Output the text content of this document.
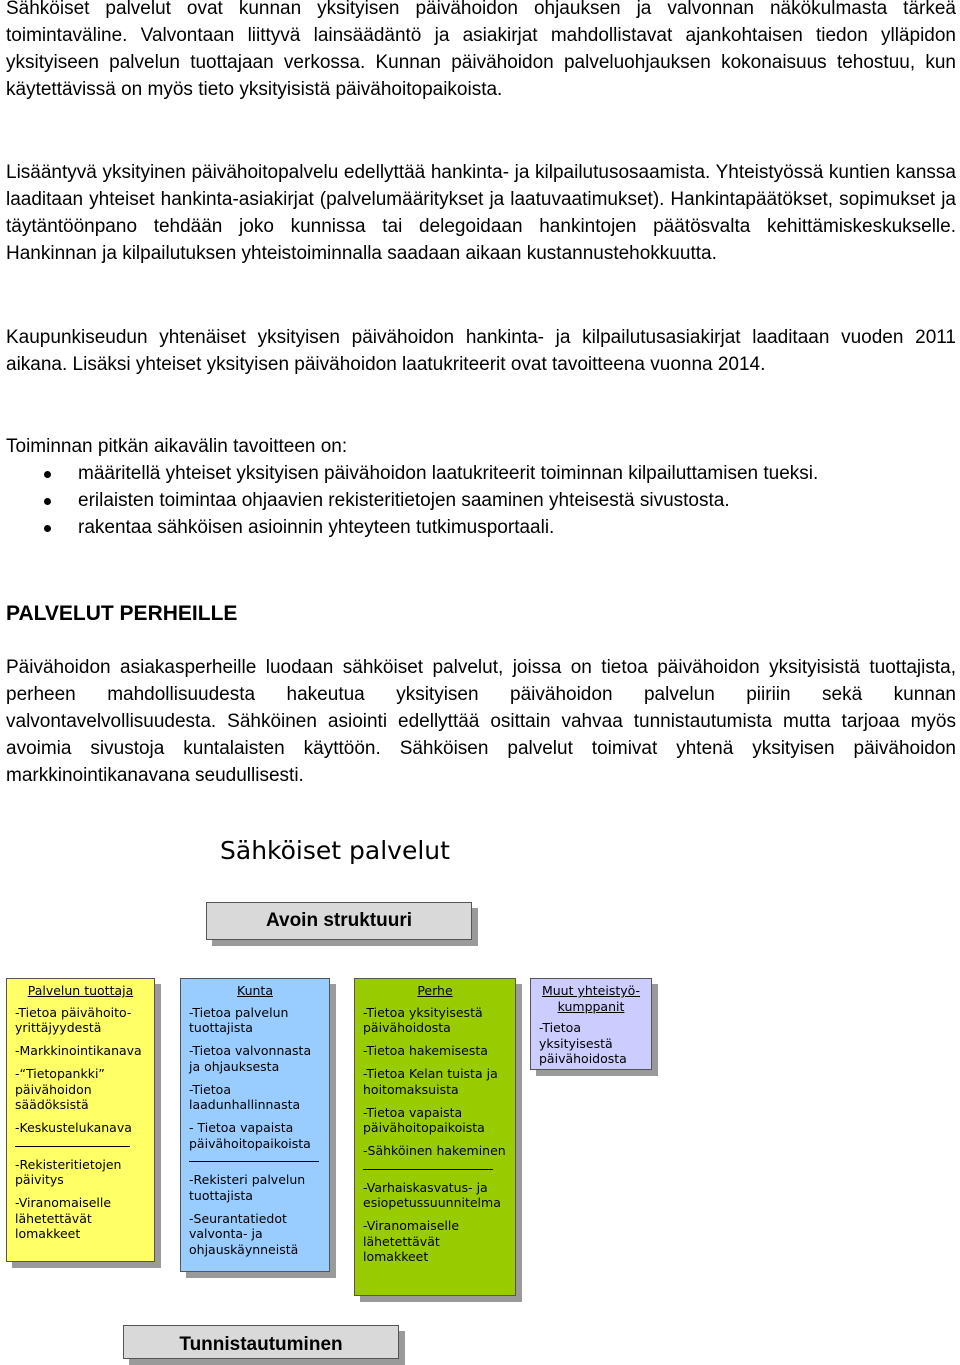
Sähköiset palvelut ovat kunnan yksityisen päivähoidon ohjauksen ja valvonnan näkökulmasta tärkeä toimintaväline. Valvontaan liittyvä lainsäädäntö ja asiakirjat mahdollistavat ajankohtaisen tiedon ylläpidon yksityiseen palvelun tuottajaan verkossa. Kunnan päivähoidon palveluohjauksen kokonaisuus tehostuu, kun käytettävissä on myös tieto yksityisistä päivähoitopaikoista.

Lisääntyvä yksityinen päivähoitopalvelu edellyttää hankinta- ja kilpailutusosaamista. Yhteistyössä kuntien kanssa laaditaan yhteiset hankinta-asiakirjat (palvelumääritykset ja laatuvaatimukset). Hankintapäätökset, sopimukset ja täytäntöönpano tehdään joko kunnissa tai delegoidaan hankintojen päätösvalta kehittämiskeskukselle. Hankinnan ja kilpailutuksen yhteistoiminnalla saadaan aikaan kustannustehokkuutta.

Kaupunkiseudun yhtenäiset yksityisen päivähoidon hankinta- ja kilpailutusasiakirjat laaditaan vuoden 2011 aikana. Lisäksi yhteiset yksityisen päivähoidon laatukriteerit ovat tavoitteena vuonna 2014.

Toiminnan pitkän aikavälin tavoitteen on:

määritellä yhteiset yksityisen päivähoidon laatukriteerit toiminnan kilpailuttamisen tueksi.
erilaisten toimintaa ohjaavien rekisteritietojen saaminen yhteisestä sivustosta.
rakentaa sähköisen asioinnin yhteyteen tutkimusportaali.
PALVELUT PERHEILLE

Päivähoidon asiakasperheille luodaan sähköiset palvelut, joissa on tietoa päivähoidon yksityisistä tuottajista, perheen mahdollisuudesta hakeutua yksityisen päivähoidon palvelun piiriin sekä kunnan valvontavelvollisuudesta. Sähköinen asiointi edellyttää osittain vahvaa tunnistautumista mutta tarjoaa myös avoimia sivustoja kuntalaisten käyttöön. Sähköisen palvelut toimivat yhtenä yksityisen päivähoidon markkinointikanavana seudullisesti.

Sähköiset palvelut
Avoin struktuuri
Palvelun tuottaja
-Tietoa päivähoito-yrittäjyydestä
-Markkinointikanava
-“Tietopankki” päivähoidon säädöksistä
-Keskustelukanava
-Rekisteritietojen päivitys
-Viranomaiselle lähetettävät lomakkeet
Kunta
-Tietoa palvelun tuottajista
-Tietoa valvonnasta ja ohjauksesta
-Tietoa laadunhallinnasta
- Tietoa vapaista päivähoitopaikoista
-Rekisteri palvelun tuottajista
-Seurantatiedot valvonta- ja ohjauskäynneistä
Perhe
-Tietoa yksityisestä päivähoidosta
-Tietoa hakemisesta
-Tietoa Kelan tuista ja hoitomaksuista
-Tietoa vapaista päivähoitopaikoista
-Sähköinen hakeminen
-Varhaiskasvatus- ja esiopetussuunnitelma
-Viranomaiselle lähetettävät lomakkeet
Muut yhteistyö-kumppanit
-Tietoa yksityisestä päivähoidosta
Tunnistautuminen
